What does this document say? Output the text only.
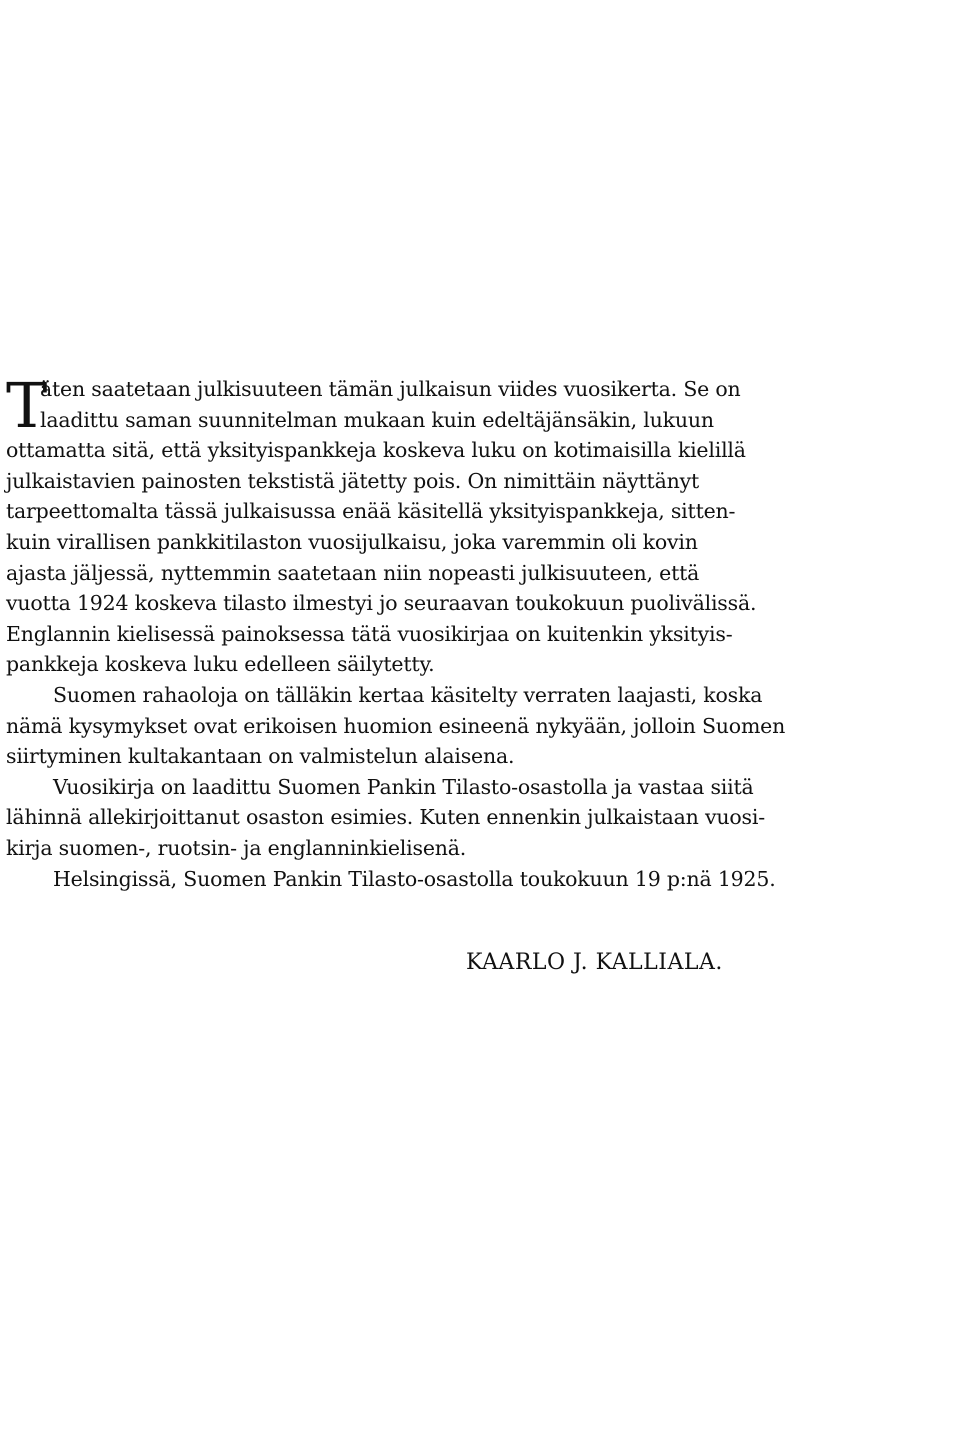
T
äten saatetaan julkisuuteen tämän julkaisun viides vuosikerta. Se on
laadittu saman suunnitelman mukaan kuin edeltäjänsäkin, lukuun
ottamatta sitä, että yksityispankkeja koskeva luku on kotimaisilla kielillä
julkaistavien painosten tekstistä jätetty pois. On nimittäin näyttänyt
tarpeettomalta tässä julkaisussa enää käsitellä yksityispankkeja, sitten-
kuin virallisen pankkitilaston vuosijulkaisu, joka varemmin oli kovin
ajasta jäljessä, nyttemmin saatetaan niin nopeasti julkisuuteen, että
vuotta 1924 koskeva tilasto ilmestyi jo seuraavan toukokuun puolivälissä.
Englannin kielisessä painoksessa tätä vuosikirjaa on kuitenkin yksityis-
pankkeja koskeva luku edelleen säilytetty.
Suomen rahaoloja on tälläkin kertaa käsitelty verraten laajasti, koska
nämä kysymykset ovat erikoisen huomion esineenä nykyään, jolloin Suomen
siirtyminen kultakantaan on valmistelun alaisena.
Vuosikirja on laadittu Suomen Pankin Tilasto-osastolla ja vastaa siitä
lähinnä allekirjoittanut osaston esimies. Kuten ennenkin julkaistaan vuosi-
kirja suomen-, ruotsin- ja englanninkielisenä.
Helsingissä, Suomen Pankin Tilasto-osastolla toukokuun 19 p:nä 1925.
KAARLO J. KALLIALA.
